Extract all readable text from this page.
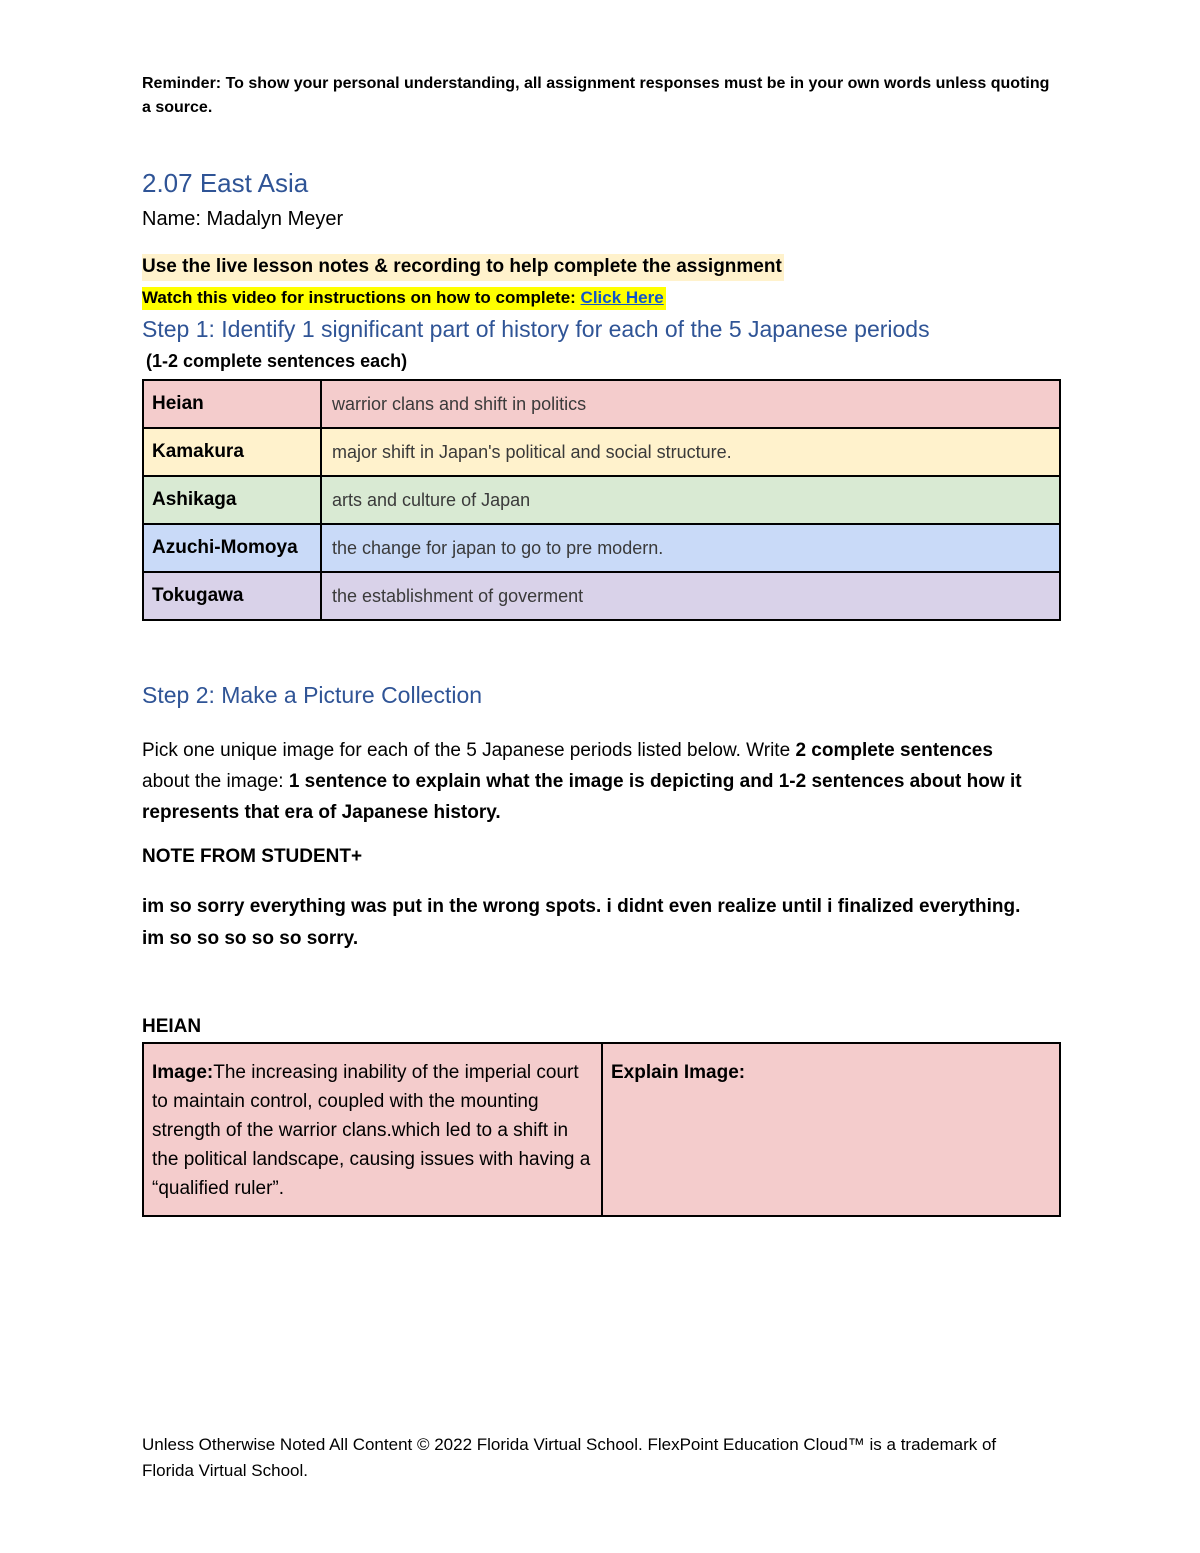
Reminder: To show your personal understanding, all assignment responses must be in your own words unless quoting a source.
2.07 East Asia
Name: Madalyn Meyer
Use the live lesson notes & recording to help complete the assignment
Watch this video for instructions on how to complete: Click Here
Step 1: Identify 1 significant part of history for each of the 5 Japanese periods
(1-2 complete sentences each)
Heian	warrior clans and shift in politics
Kamakura	major shift in Japan's political and social structure.
Ashikaga	arts and culture of Japan
Azuchi-Momoya	the change for japan to go to pre modern.
Tokugawa	the establishment of goverment
Step 2: Make a Picture Collection
Pick one unique image for each of the 5 Japanese periods listed below. Write 2 complete sentences about the image: 1 sentence to explain what the image is depicting and 1-2 sentences about how it represents that era of Japanese history.
NOTE FROM STUDENT+
im so sorry everything was put in the wrong spots. i didnt even realize until i finalized everything. im so so so so so sorry.
HEIAN
Image:The increasing inability of the imperial court to maintain control, coupled with the mounting strength of the warrior clans.which led to a shift in the political landscape, causing issues with having a “qualified ruler”.	Explain Image:
Unless Otherwise Noted All Content © 2022 Florida Virtual School. FlexPoint Education Cloud™ is a trademark of Florida Virtual School.
